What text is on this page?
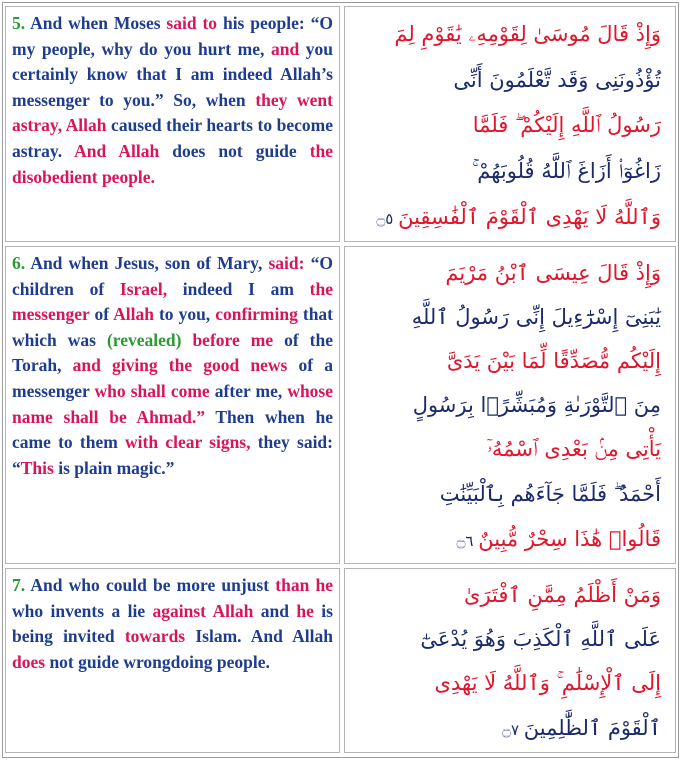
5. And when Moses said to his people: “O my people, why do you hurt me, and you certainly know that I am indeed Allah’s messenger to you.” So, when they went astray, Allah caused their hearts to become astray. And Allah does not guide the disobedient people.

وَإِذْ قَالَ مُوسَىٰ لِقَوْمِهِۦ يَٰقَوْمِ لِمَ
تُؤْذُونَنِى وَقَد تَّعْلَمُونَ أَنِّى
رَسُولُ ٱللَّهِ إِلَيْكُمْ ۖ فَلَمَّا
زَاغُوٓا۟ أَزَاغَ ٱللَّهُ قُلُوبَهُمْ ۚ
وَٱللَّهُ لَا يَهْدِى ٱلْقَوْمَ ٱلْفَٰسِقِينَ ۝٥

6. And when Jesus, son of Mary, said: “O children of Israel, indeed I am the messenger of Allah to you, confirming that which was (revealed) before me of the Torah, and giving the good news of a messenger who shall come after me, whose name shall be Ahmad.” Then when he came to them with clear signs, they said: “This is plain magic.”

وَإِذْ قَالَ عِيسَى ٱبْنُ مَرْيَمَ
يَٰبَنِىٓ إِسْرَٰٓءِيلَ إِنِّى رَسُولُ ٱللَّهِ
إِلَيْكُم مُّصَدِّقًا لِّمَا بَيْنَ يَدَىَّ
مِنَ ٱلتَّوْرَىٰةِ وَمُبَشِّرًۢا بِرَسُولٍ
يَأْتِى مِنۢ بَعْدِى ٱسْمُهُۥٓ
أَحْمَدُ ۖ فَلَمَّا جَآءَهُم بِٱلْبَيِّنَٰتِ
قَالُوا۟ هَٰذَا سِحْرٌ مُّبِينٌ ۝٦

7. And who could be more unjust than he who invents a lie against Allah and he is being invited towards Islam. And Allah does not guide wrongdoing people.

وَمَنْ أَظْلَمُ مِمَّنِ ٱفْتَرَىٰ
عَلَى ٱللَّهِ ٱلْكَذِبَ وَهُوَ يُدْعَىٰٓ
إِلَى ٱلْإِسْلَٰمِ ۚ وَٱللَّهُ لَا يَهْدِى
ٱلْقَوْمَ ٱلظَّٰلِمِينَ ۝٧
